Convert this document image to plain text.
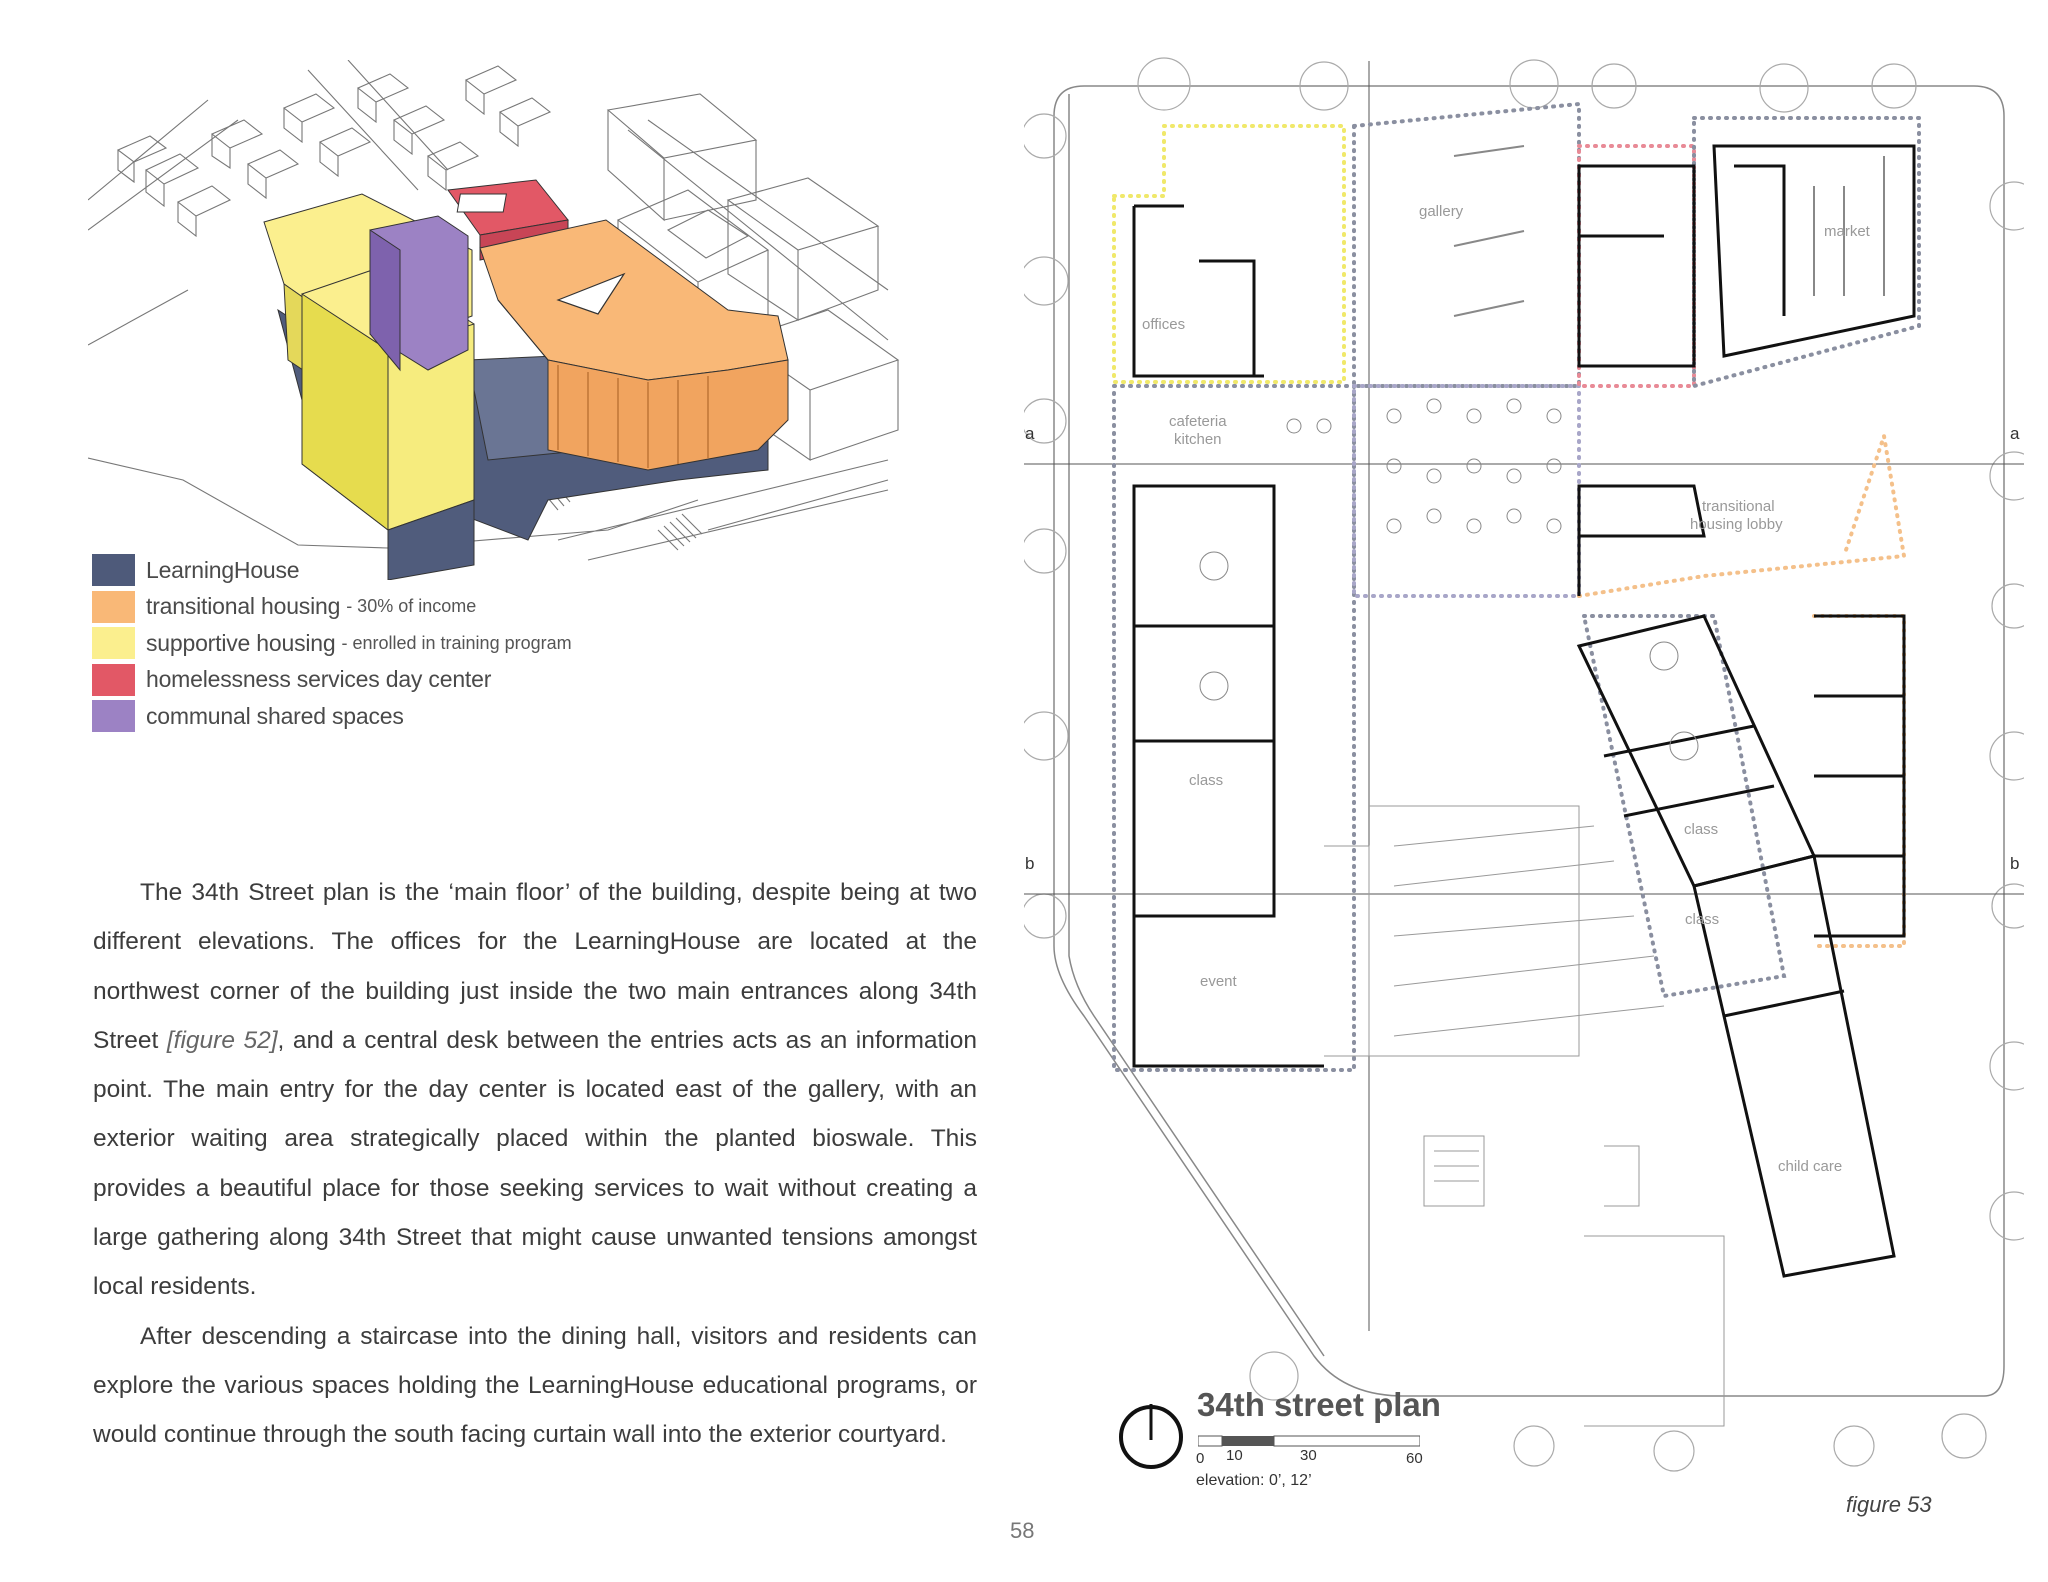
LearningHouse
transitional housing - 30% of income
supportive housing - enrolled in training program
homelessness services day center
communal shared spaces

The 34th Street plan is the ‘main floor’ of the building, despite being at two different elevations. The offices for the LearningHouse are located at the northwest corner of the building just inside the two main entrances along 34th Street [figure 52], and a central desk between the entries acts as an information point. The main entry for the day center is located east of the gallery, with an exterior waiting area strategically placed within the planted bioswale. This provides a beautiful place for those seeking services to wait without creating a large gathering along 34th Street that might cause unwanted tensions amongst local residents.

After descending a staircase into the dining hall, visitors and residents can explore the various spaces holding the LearningHouse educational programs, or would continue through the south facing curtain wall into the exterior courtyard.

gallery
market
offices
cafeteria
kitchen
transitional
housing lobby
class
class
class
event
child care
a	a
b	b
34th street plan
0 10	30	60
elevation: 0’, 12’
figure 53
58
